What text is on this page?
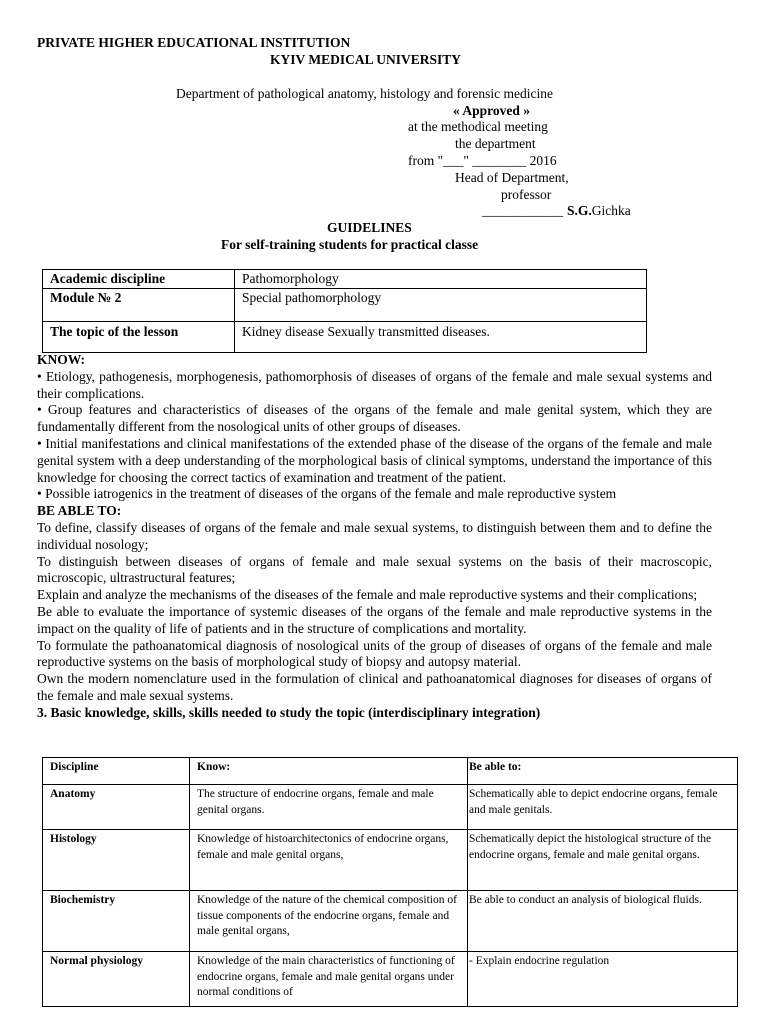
PRIVATE HIGHER EDUCATIONAL INSTITUTION
KYIV MEDICAL UNIVERSITY
Department of pathological anatomy, histology and forensic medicine
« Approved »
at the methodical meeting
the department
from "___" ________ 2016
Head of Department,
professor
____________ S.G.Gichka
GUIDELINES
For self-training students for practical classe
Academic discipline	Pathomorphology
Module № 2	Special pathomorphology
The topic of the lesson	Kidney disease Sexually transmitted diseases.

KNOW:

• Etiology, pathogenesis, morphogenesis, pathomorphosis of diseases of organs of the female and male sexual systems and their complications.

• Group features and characteristics of diseases of the organs of the female and male genital system, which they are fundamentally different from the nosological units of other groups of diseases.

• Initial manifestations and clinical manifestations of the extended phase of the disease of the organs of the female and male genital system with a deep understanding of the morphological basis of clinical symptoms, understand the importance of this knowledge for choosing the correct tactics of examination and treatment of the patient.

• Possible iatrogenics in the treatment of diseases of the organs of the female and male reproductive system

BE ABLE TO:

To define, classify diseases of organs of the female and male sexual systems, to distinguish between them and to define the individual nosology;

To distinguish between diseases of organs of female and male sexual systems on the basis of their macroscopic, microscopic, ultrastructural features;

Explain and analyze the mechanisms of the diseases of the female and male reproductive systems and their complications;

Be able to evaluate the importance of systemic diseases of the organs of the female and male reproductive systems in the impact on the quality of life of patients and in the structure of complications and mortality.

To formulate the pathoanatomical diagnosis of nosological units of the group of diseases of organs of the female and male reproductive systems on the basis of morphological study of biopsy and autopsy material.

Own the modern nomenclature used in the formulation of clinical and pathoanatomical diagnoses for diseases of organs of the female and male sexual systems.

3. Basic knowledge, skills, skills needed to study the topic (interdisciplinary integration)

Discipline	Know:	Be able to:
Anatomy	The structure of endocrine organs, female and male genital organs.	Schematically able to depict endocrine organs, female and male genitals.
Histology	Knowledge of histoarchitectonics of endocrine organs, female and male genital organs,	Schematically depict the histological structure of the endocrine organs, female and male genital organs.
Biochemistry	Knowledge of the nature of the chemical composition of tissue components of the endocrine organs, female and male genital organs,	Be able to conduct an analysis of biological fluids.
Normal physiology	Knowledge of the main characteristics of functioning of endocrine organs, female and male genital organs under normal conditions of	- Explain endocrine regulation
